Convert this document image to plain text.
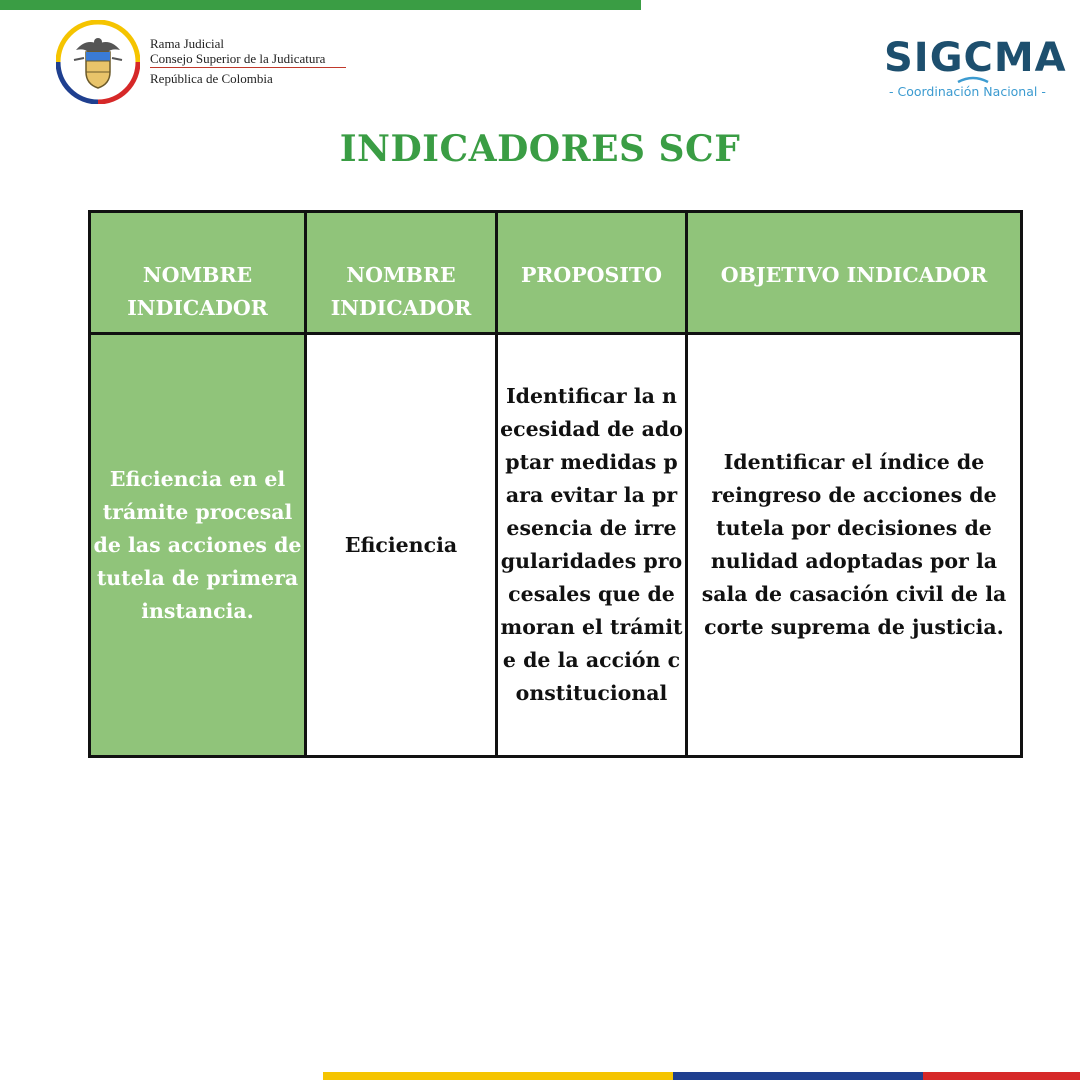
Rama Judicial
Consejo Superior de la Judicatura
República de Colombia	SIGCMA
- Coordinación Nacional -
INDICADORES SCF
NOMBRE INDICADOR	NOMBRE INDICADOR	PROPOSITO	OBJETIVO INDICADOR
Eficiencia en el trámite procesal de las acciones de tutela de primera instancia.	Eficiencia	Identificar la necesidad de adoptar medidas para evitar la presencia de irregularidades procesales que demoran el trámite de la acción constitucional	Identificar el índice de reingreso de acciones de tutela por decisiones de nulidad adoptadas por la sala de casación civil de la corte suprema de justicia.
